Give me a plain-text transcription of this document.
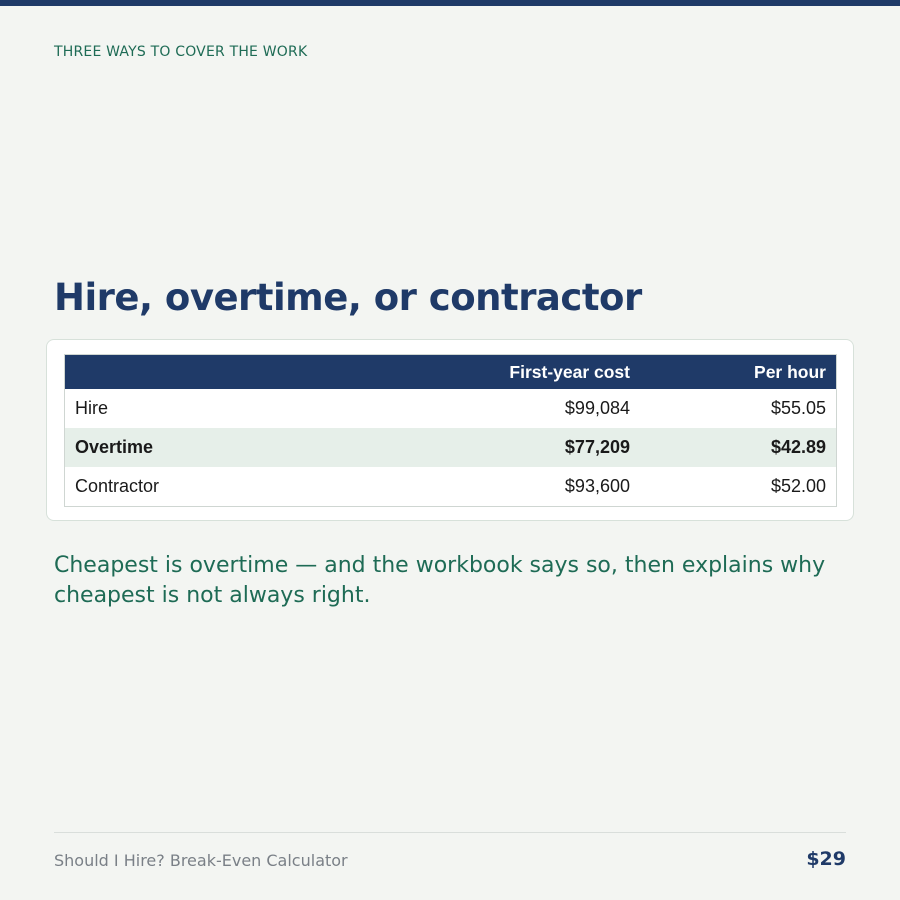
THREE WAYS TO COVER THE WORK
Hire, overtime, or contractor
	First-year cost	Per hour
Hire	$99,084	$55.05
Overtime	$77,209	$42.89
Contractor	$93,600	$52.00

Cheapest is overtime — and the workbook says so, then explains why cheapest is not always right.

Should I Hire? Break-Even Calculator	$29
